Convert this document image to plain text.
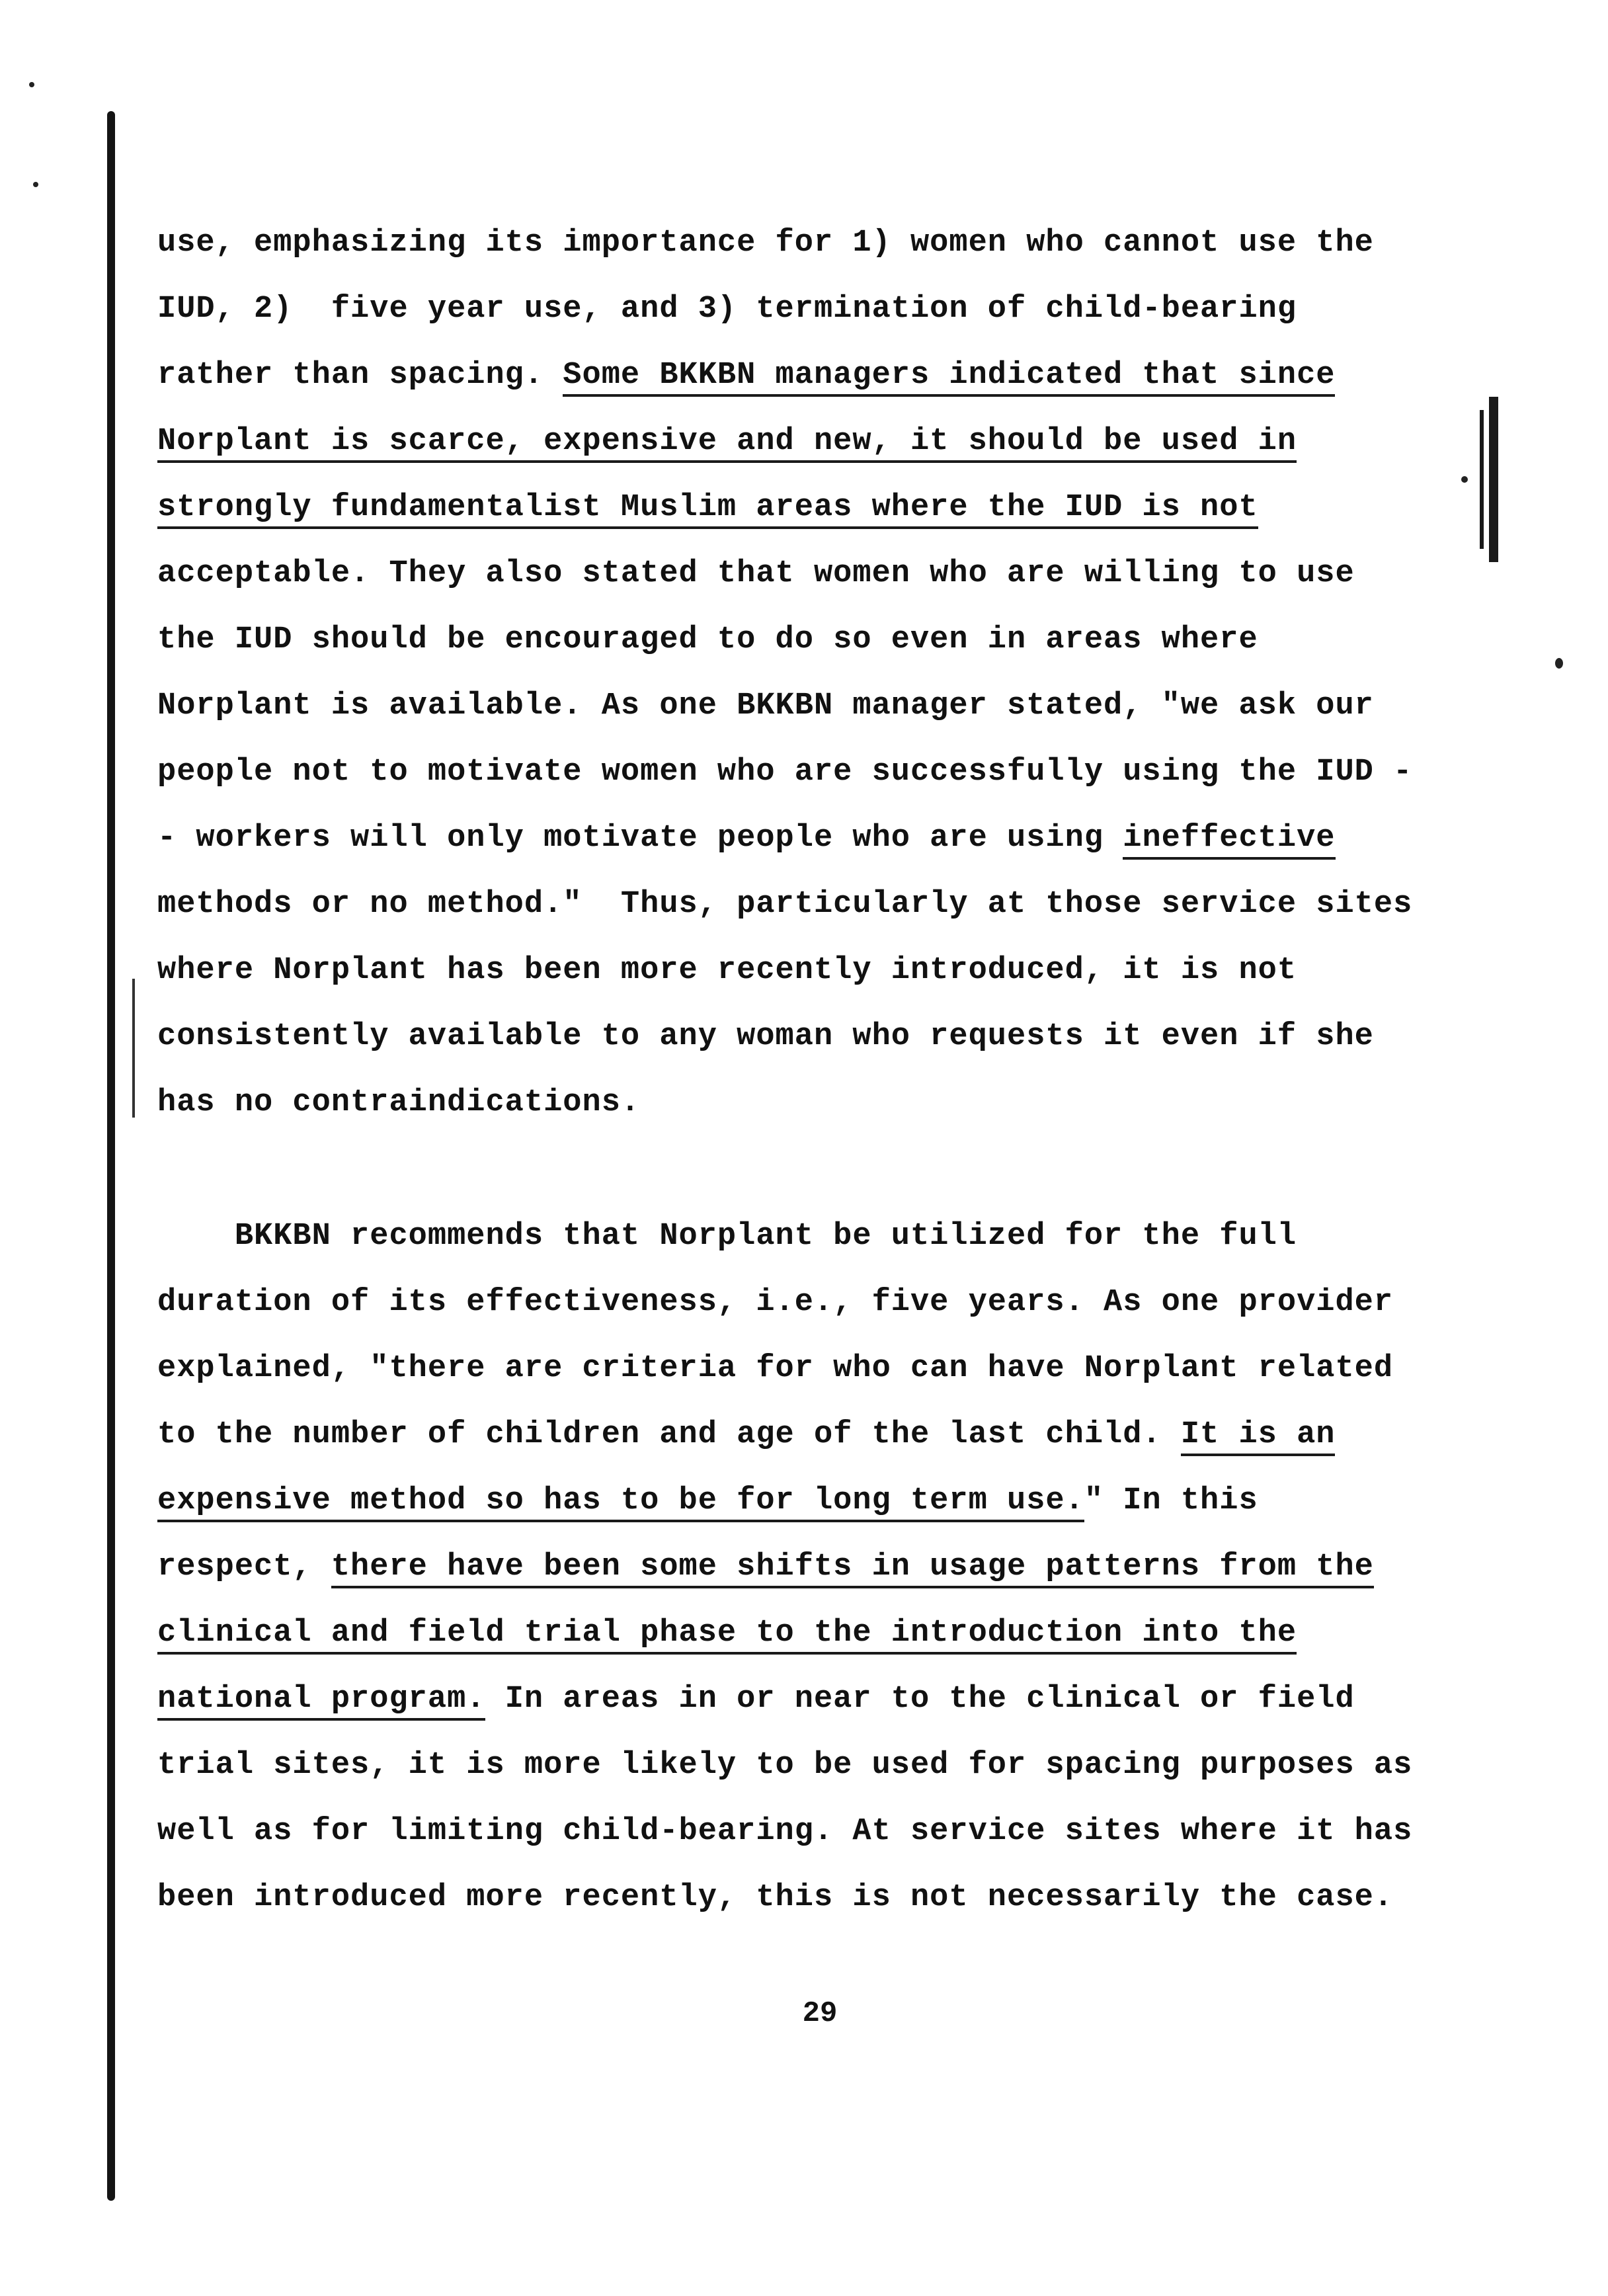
use, emphasizing its importance for 1) women who cannot use the

IUD, 2)  five year use, and 3) termination of child-bearing

rather than spacing. Some BKKBN managers indicated that since

Norplant is scarce, expensive and new, it should be used in

strongly fundamentalist Muslim areas where the IUD is not

acceptable. They also stated that women who are willing to use

the IUD should be encouraged to do so even in areas where

Norplant is available. As one BKKBN manager stated, "we ask our

people not to motivate women who are successfully using the IUD -

- workers will only motivate people who are using ineffective

methods or no method."  Thus, particularly at those service sites

where Norplant has been more recently introduced, it is not

consistently available to any woman who requests it even if she

has no contraindications.

BKKBN recommends that Norplant be utilized for the full

duration of its effectiveness, i.e., five years. As one provider

explained, "there are criteria for who can have Norplant related

to the number of children and age of the last child. It is an

expensive method so has to be for long term use." In this

respect, there have been some shifts in usage patterns from the

clinical and field trial phase to the introduction into the

national program. In areas in or near to the clinical or field

trial sites, it is more likely to be used for spacing purposes as

well as for limiting child-bearing. At service sites where it has

been introduced more recently, this is not necessarily the case.

29
